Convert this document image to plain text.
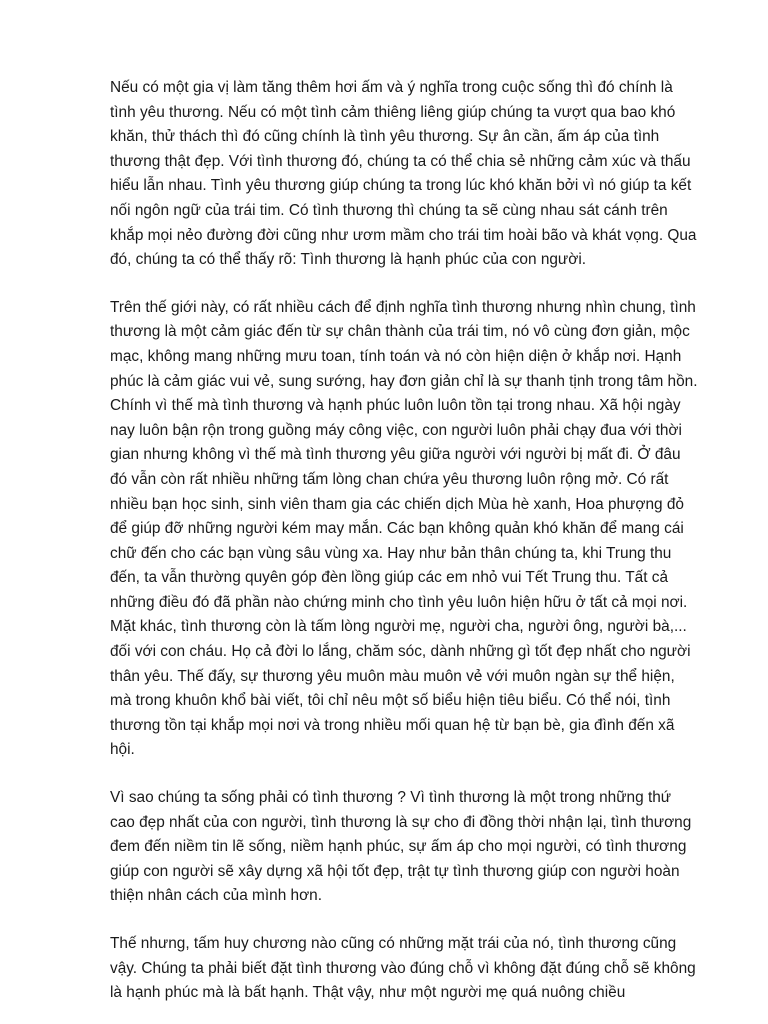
Nếu có một gia vị làm tăng thêm hơi ấm và ý nghĩa trong cuộc sống thì đó chính là tình yêu thương. Nếu có một tình cảm thiêng liêng giúp chúng ta vượt qua bao khó khăn, thử thách thì đó cũng chính là tình yêu thương. Sự ân cần, ấm áp của tình thương thật đẹp. Với tình thương đó, chúng ta có thể chia sẻ những cảm xúc và thấu hiểu lẫn nhau. Tình yêu thương giúp chúng ta trong lúc khó khăn bởi vì nó giúp ta kết nối ngôn ngữ của trái tim. Có tình thương thì chúng ta sẽ cùng nhau sát cánh trên khắp mọi nẻo đường đời cũng như ươm mầm cho trái tim hoài bão và khát vọng. Qua đó, chúng ta có thể thấy rõ: Tình thương là hạnh phúc của con người.

Trên thế giới này, có rất nhiều cách để định nghĩa tình thương nhưng nhìn chung, tình thương là một cảm giác đến từ sự chân thành của trái tim, nó vô cùng đơn giản, mộc mạc, không mang những mưu toan, tính toán và nó còn hiện diện ở khắp nơi. Hạnh phúc là cảm giác vui vẻ, sung sướng, hay đơn giản chỉ là sự thanh tịnh trong tâm hồn. Chính vì thế mà tình thương và hạnh phúc luôn luôn tồn tại trong nhau. Xã hội ngày nay luôn bận rộn trong guồng máy công việc, con người luôn phải chạy đua với thời gian nhưng không vì thế mà tình thương yêu giữa người với người bị mất đi. Ở đâu đó vẫn còn rất nhiều những tấm lòng chan chứa yêu thương luôn rộng mở. Có rất nhiều bạn học sinh, sinh viên tham gia các chiến dịch Mùa hè xanh, Hoa phượng đỏ để giúp đỡ những người kém may mắn. Các bạn không quản khó khăn để mang cái chữ đến cho các bạn vùng sâu vùng xa. Hay như bản thân chúng ta, khi Trung thu đến, ta vẫn thường quyên góp đèn lồng giúp các em nhỏ vui Tết Trung thu. Tất cả những điều đó đã phần nào chứng minh cho tình yêu luôn hiện hữu ở tất cả mọi nơi. Mặt khác, tình thương còn là tấm lòng người mẹ, người cha, người ông, người bà,... đối với con cháu. Họ cả đời lo lắng, chăm sóc, dành những gì tốt đẹp nhất cho người thân yêu. Thế đấy, sự thương yêu muôn màu muôn vẻ với muôn ngàn sự thể hiện, mà trong khuôn khổ bài viết, tôi chỉ nêu một số biểu hiện tiêu biểu. Có thể nói, tình thương tồn tại khắp mọi nơi và trong nhiều mối quan hệ từ bạn bè, gia đình đến xã hội.

Vì sao chúng ta sống phải có tình thương ? Vì tình thương là một trong những thứ cao đẹp nhất của con người, tình thương là sự cho đi đồng thời nhận lại, tình thương đem đến niềm tin lẽ sống, niềm hạnh phúc, sự ấm áp cho mọi người, có tình thương giúp con người sẽ xây dựng xã hội tốt đẹp, trật tự tình thương giúp con người hoàn thiện nhân cách của mình hơn.

Thế nhưng, tấm huy chương nào cũng có những mặt trái của nó, tình thương cũng vậy. Chúng ta phải biết đặt tình thương vào đúng chỗ vì không đặt đúng chỗ sẽ không là hạnh phúc mà là bất hạnh. Thật vậy, như một người mẹ quá nuông chiều
